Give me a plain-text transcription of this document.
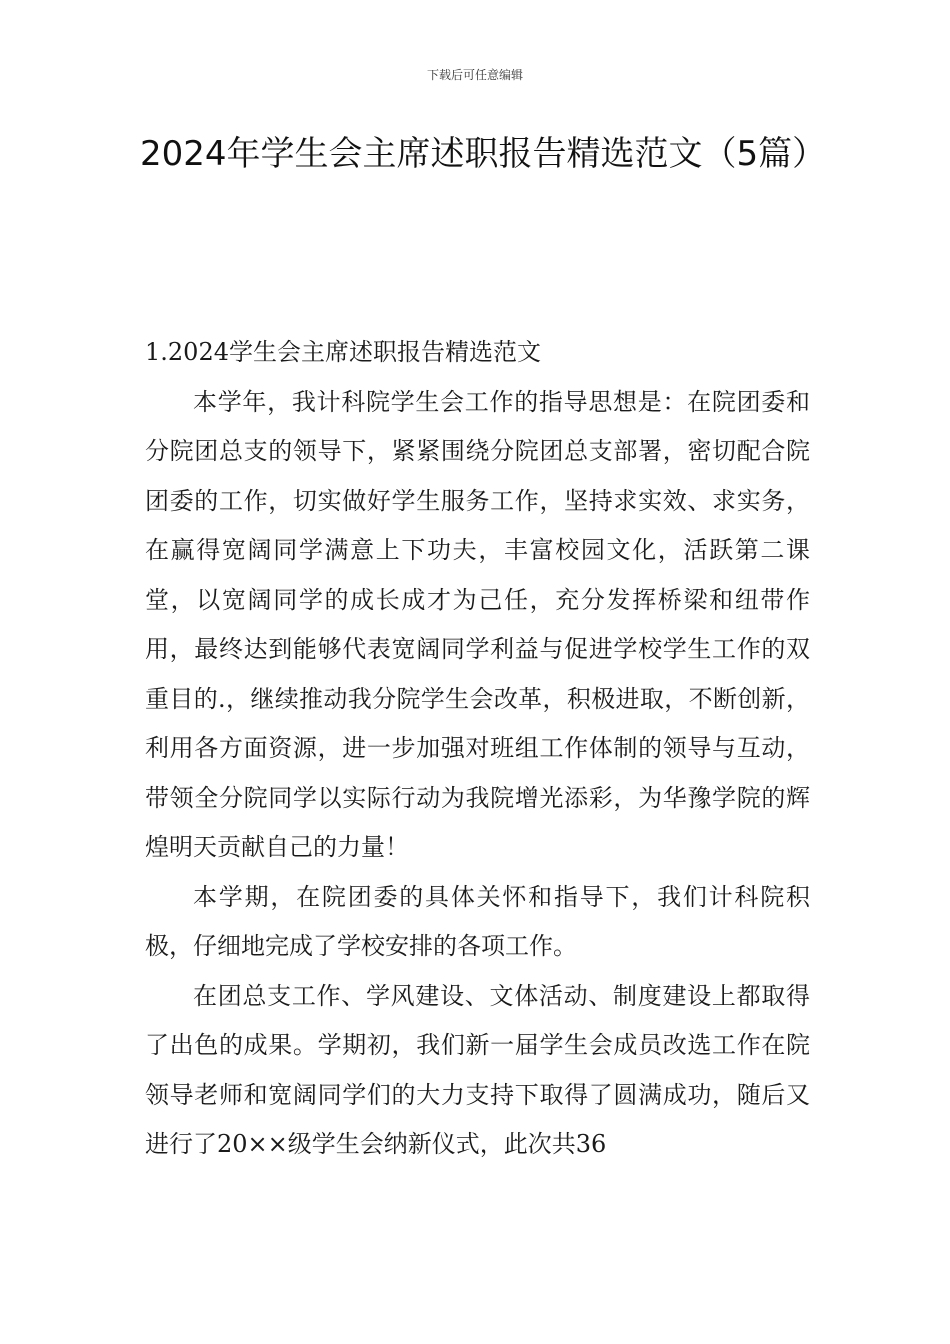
下载后可任意编辑
2024年学生会主席述职报告精选范文（5篇）

1.2024学生会主席述职报告精选范文

本学年，我计科院学生会工作的指导思想是：在院团委和分院团总支的领导下，紧紧围绕分院团总支部署，密切配合院团委的工作，切实做好学生服务工作，坚持求实效、求实务，在赢得宽阔同学满意上下功夫，丰富校园文化，活跃第二课堂，以宽阔同学的成长成才为己任，充分发挥桥梁和纽带作用，最终达到能够代表宽阔同学利益与促进学校学生工作的双重目的.，继续推动我分院学生会改革，积极进取，不断创新，利用各方面资源，进一步加强对班组工作体制的领导与互动，带领全分院同学以实际行动为我院增光添彩，为华豫学院的辉煌明天贡献自己的力量！

本学期，在院团委的具体关怀和指导下，我们计科院积极，仔细地完成了学校安排的各项工作。

在团总支工作、学风建设、文体活动、制度建设上都取得了出色的成果。学期初，我们新一届学生会成员改选工作在院领导老师和宽阔同学们的大力支持下取得了圆满成功，随后又进行了20××级学生会纳新仪式，此次共36
